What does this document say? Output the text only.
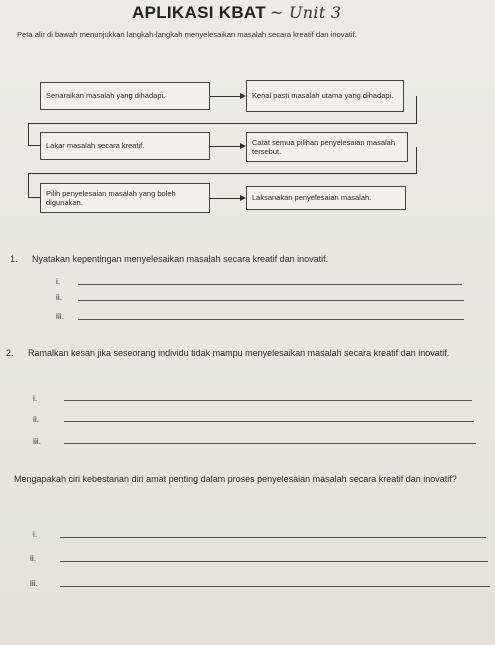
APLIKASI KBAT ~ Unit 3
Peta alir di bawah menunjukkan langkah-langkah menyelesaikan masalah secara kreatif dan inovatif.
Senaraikan masalah yang dihadapi.	Kenal pasti masalah utama yang dihadapi.
Lakar masalah secara kreatif.	Catat semua pilihan penyelesaian masalah tersebut.
Pilih penyelesaian masalah yang boleh digunakan.
Laksanakan penyelesaian masalah.
1. Nyatakan kepentingan menyelesaikan masalah secara kreatif dan inovatif.
i.
ii.
iii.
2. Ramalkan kesan jika seseorang individu tidak mampu menyelesaikan masalah secara kreatif dan inovatif.
i.
ii.
iii.
Mengapakah ciri kebestarian diri amat penting dalam proses penyelesaian masalah secara kreatif dan inovatif?
i.
ii.
iii.
